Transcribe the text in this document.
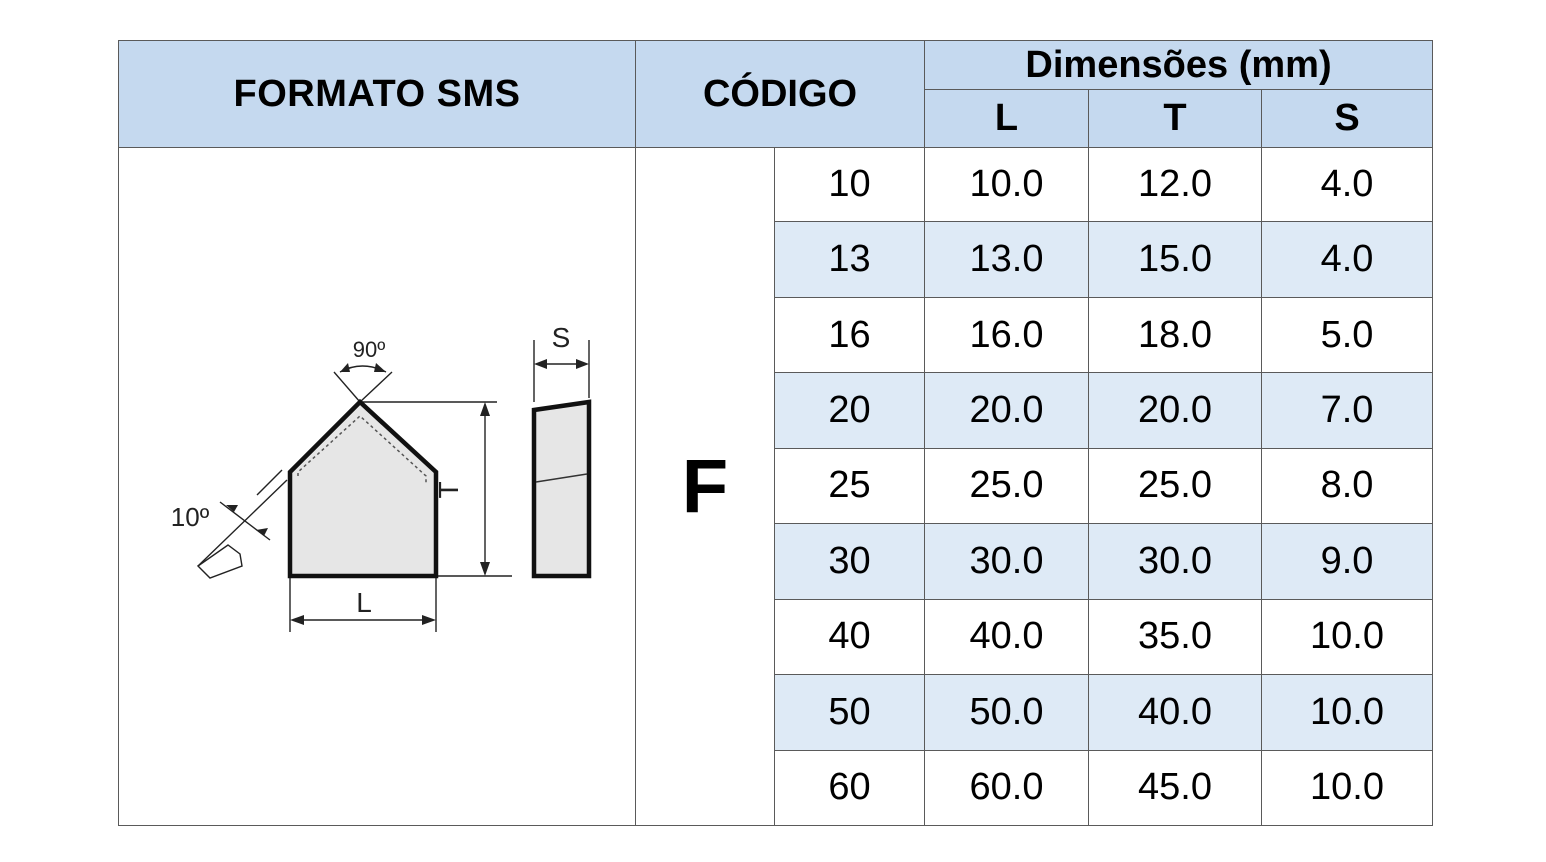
FORMATO SMS	CÓDIGO		Dimensões (mm)		
			L	T	S

90º
10º
L
S
T	F	10	10.0	12.0	4.0
		13	13.0	15.0	4.0
		16	16.0	18.0	5.0
		20	20.0	20.0	7.0
		25	25.0	25.0	8.0
		30	30.0	30.0	9.0
		40	40.0	35.0	10.0
		50	50.0	40.0	10.0
		60	60.0	45.0	10.0
